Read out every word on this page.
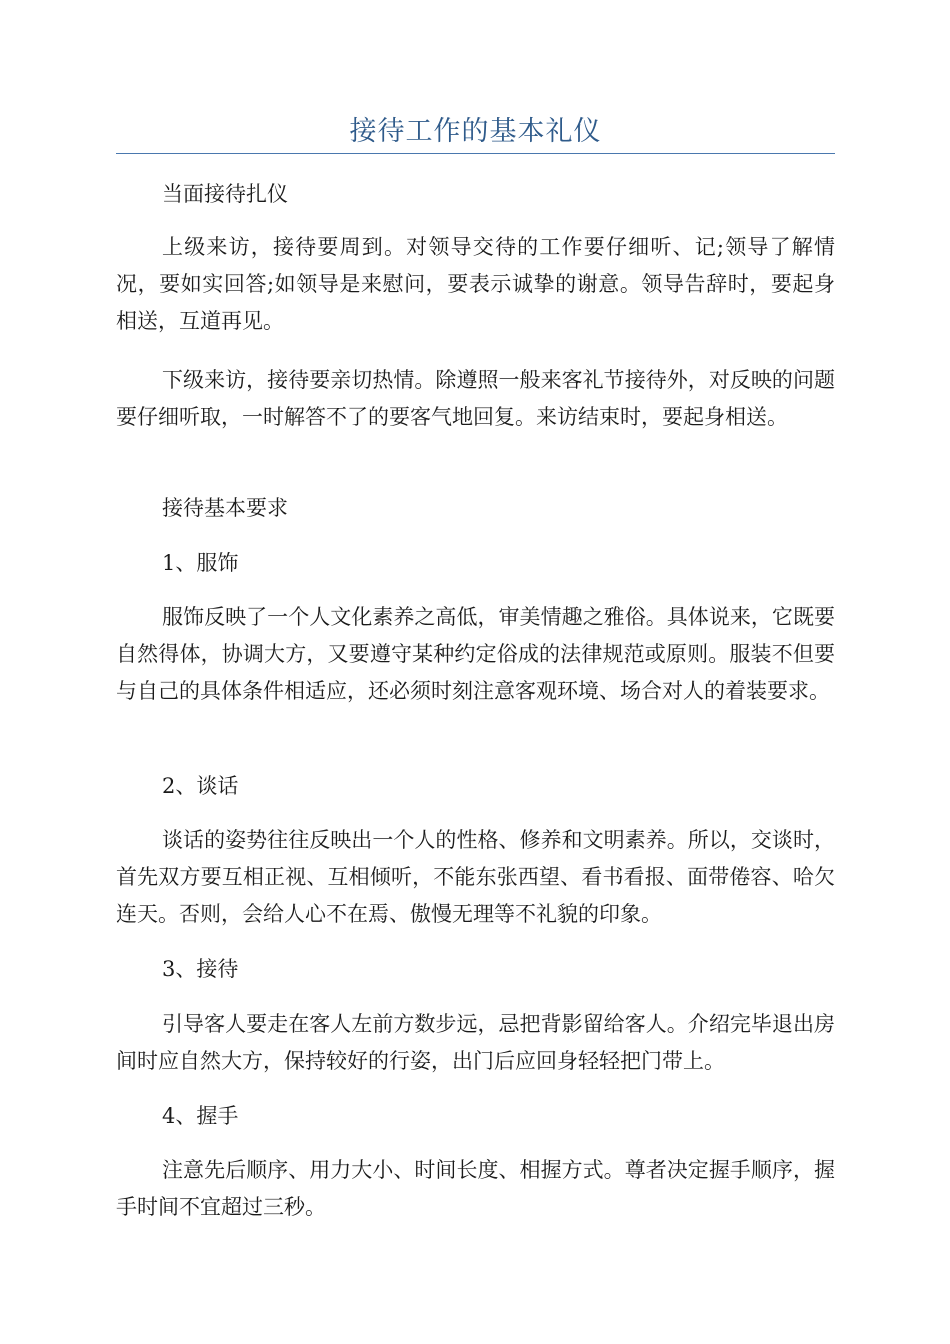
接待工作的基本礼仪

当面接待扎仪

上级来访，接待要周到。对领导交待的工作要仔细听、记;领导了解情况，要如实回答;如领导是来慰问，要表示诚挚的谢意。领导告辞时，要起身相送，互道再见。

下级来访，接待要亲切热情。除遵照一般来客礼节接待外，对反映的问题要仔细听取，一时解答不了的要客气地回复。来访结束时，要起身相送。

接待基本要求

1、服饰

服饰反映了一个人文化素养之高低，审美情趣之雅俗。具体说来，它既要自然得体，协调大方，又要遵守某种约定俗成的法律规范或原则。服装不但要与自己的具体条件相适应，还必须时刻注意客观环境、场合对人的着装要求。

2、谈话

谈话的姿势往往反映出一个人的性格、修养和文明素养。所以，交谈时，首先双方要互相正视、互相倾听，不能东张西望、看书看报、面带倦容、哈欠连天。否则，会给人心不在焉、傲慢无理等不礼貌的印象。

3、接待

引导客人要走在客人左前方数步远，忌把背影留给客人。介绍完毕退出房间时应自然大方，保持较好的行姿，出门后应回身轻轻把门带上。

4、握手

注意先后顺序、用力大小、时间长度、相握方式。尊者决定握手顺序，握手时间不宜超过三秒。
